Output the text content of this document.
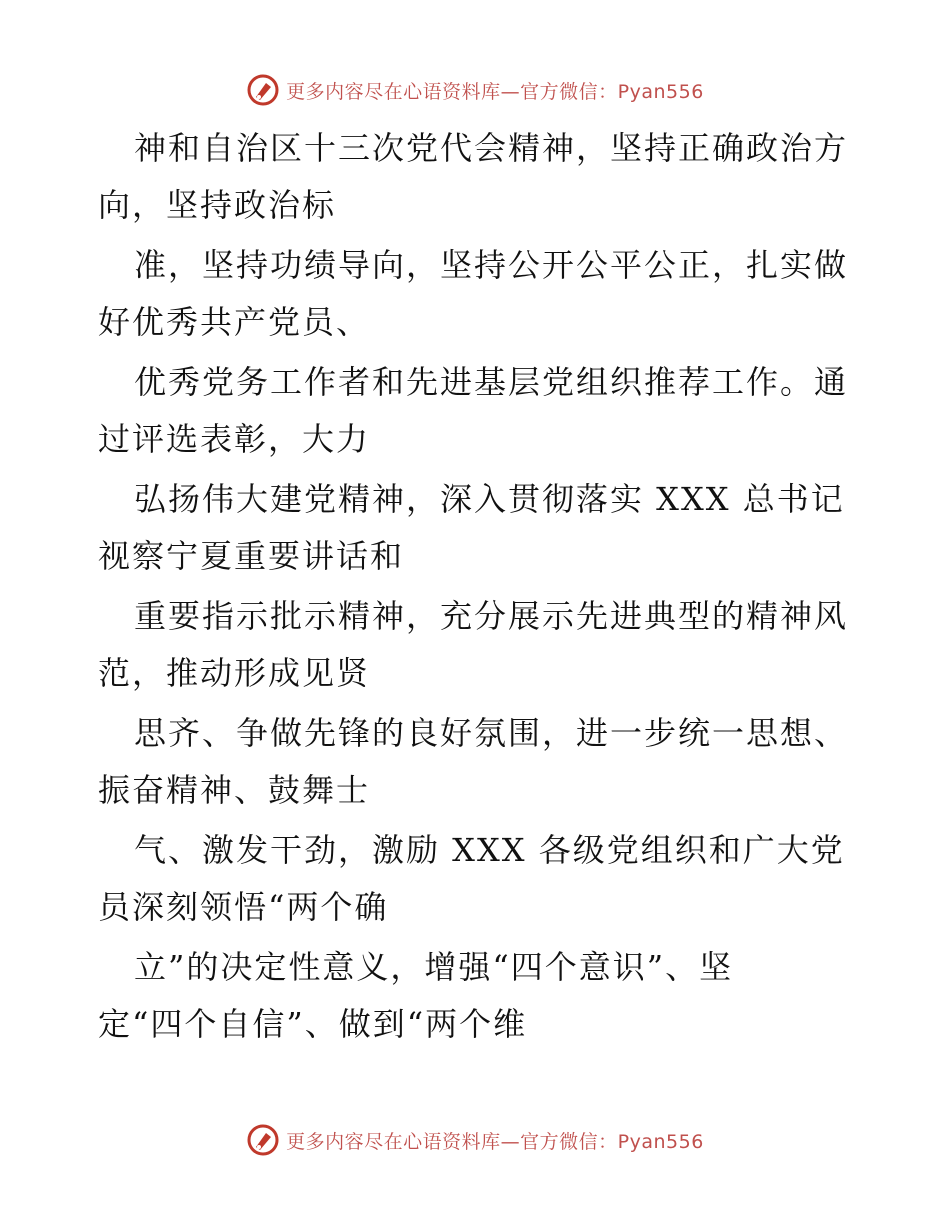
更多内容尽在心语资料库—官方微信：Pyan556
神和自治区十三次党代会精神，坚持正确政治方
向，坚持政治标
准，坚持功绩导向，坚持公开公平公正，扎实做
好优秀共产党员、
优秀党务工作者和先进基层党组织推荐工作。通
过评选表彰，大力
弘扬伟大建党精神，深入贯彻落实 XXX 总书记
视察宁夏重要讲话和
重要指示批示精神，充分展示先进典型的精神风
范，推动形成见贤
思齐、争做先锋的良好氛围，进一步统一思想、
振奋精神、鼓舞士
气、激发干劲，激励 XXX 各级党组织和广大党
员深刻领悟“两个确
立”的决定性意义，增强“四个意识”、坚
定“四个自信”、做到“两个维
更多内容尽在心语资料库—官方微信：Pyan556
